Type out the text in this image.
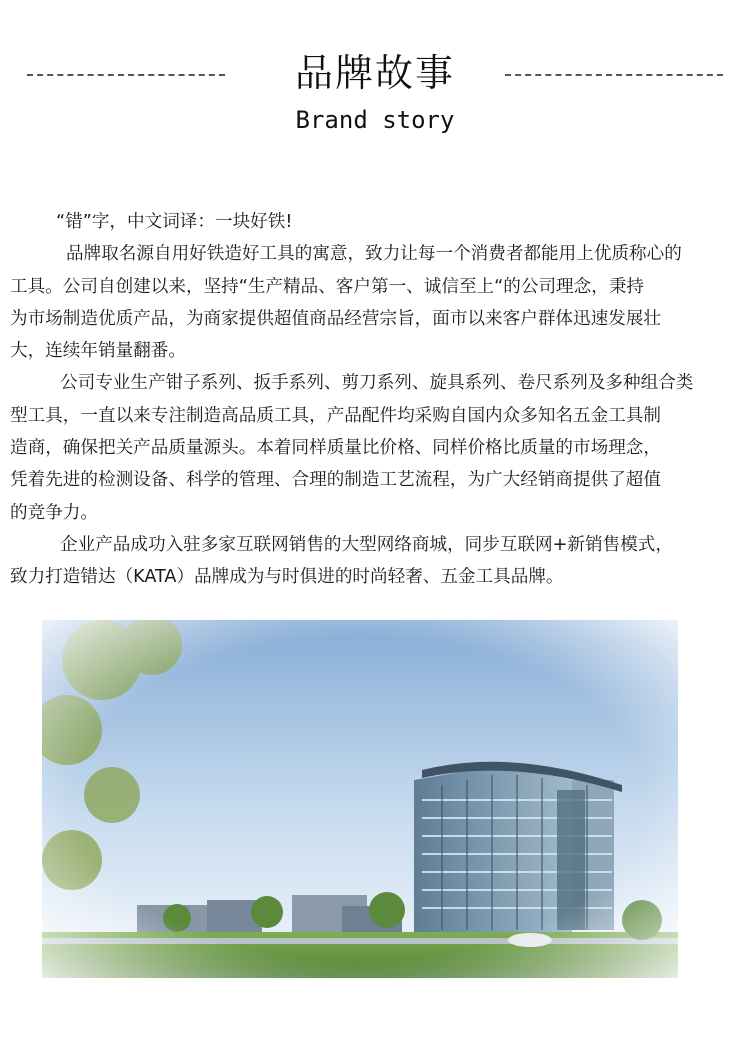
品牌故事
Brand story

“错”字，中文词译：一块好铁!

品牌取名源自用好铁造好工具的寓意，致力让每一个消费者都能用上优质称心的

工具。公司自创建以来，坚持“生产精品、客户第一、诚信至上“的公司理念，秉持

为市场制造优质产品，为商家提供超值商品经营宗旨，面市以来客户群体迅速发展壮

大，连续年销量翻番。

公司专业生产钳子系列、扳手系列、剪刀系列、旋具系列、卷尺系列及多种组合类

型工具，一直以来专注制造高品质工具，产品配件均采购自国内众多知名五金工具制

造商，确保把关产品质量源头。本着同样质量比价格、同样价格比质量的市场理念，

凭着先进的检测设备、科学的管理、合理的制造工艺流程，为广大经销商提供了超值

的竞争力。

企业产品成功入驻多家互联网销售的大型网络商城，同步互联网+新销售模式，

致力打造错达（KATA）品牌成为与时俱进的时尚轻奢、五金工具品牌。
